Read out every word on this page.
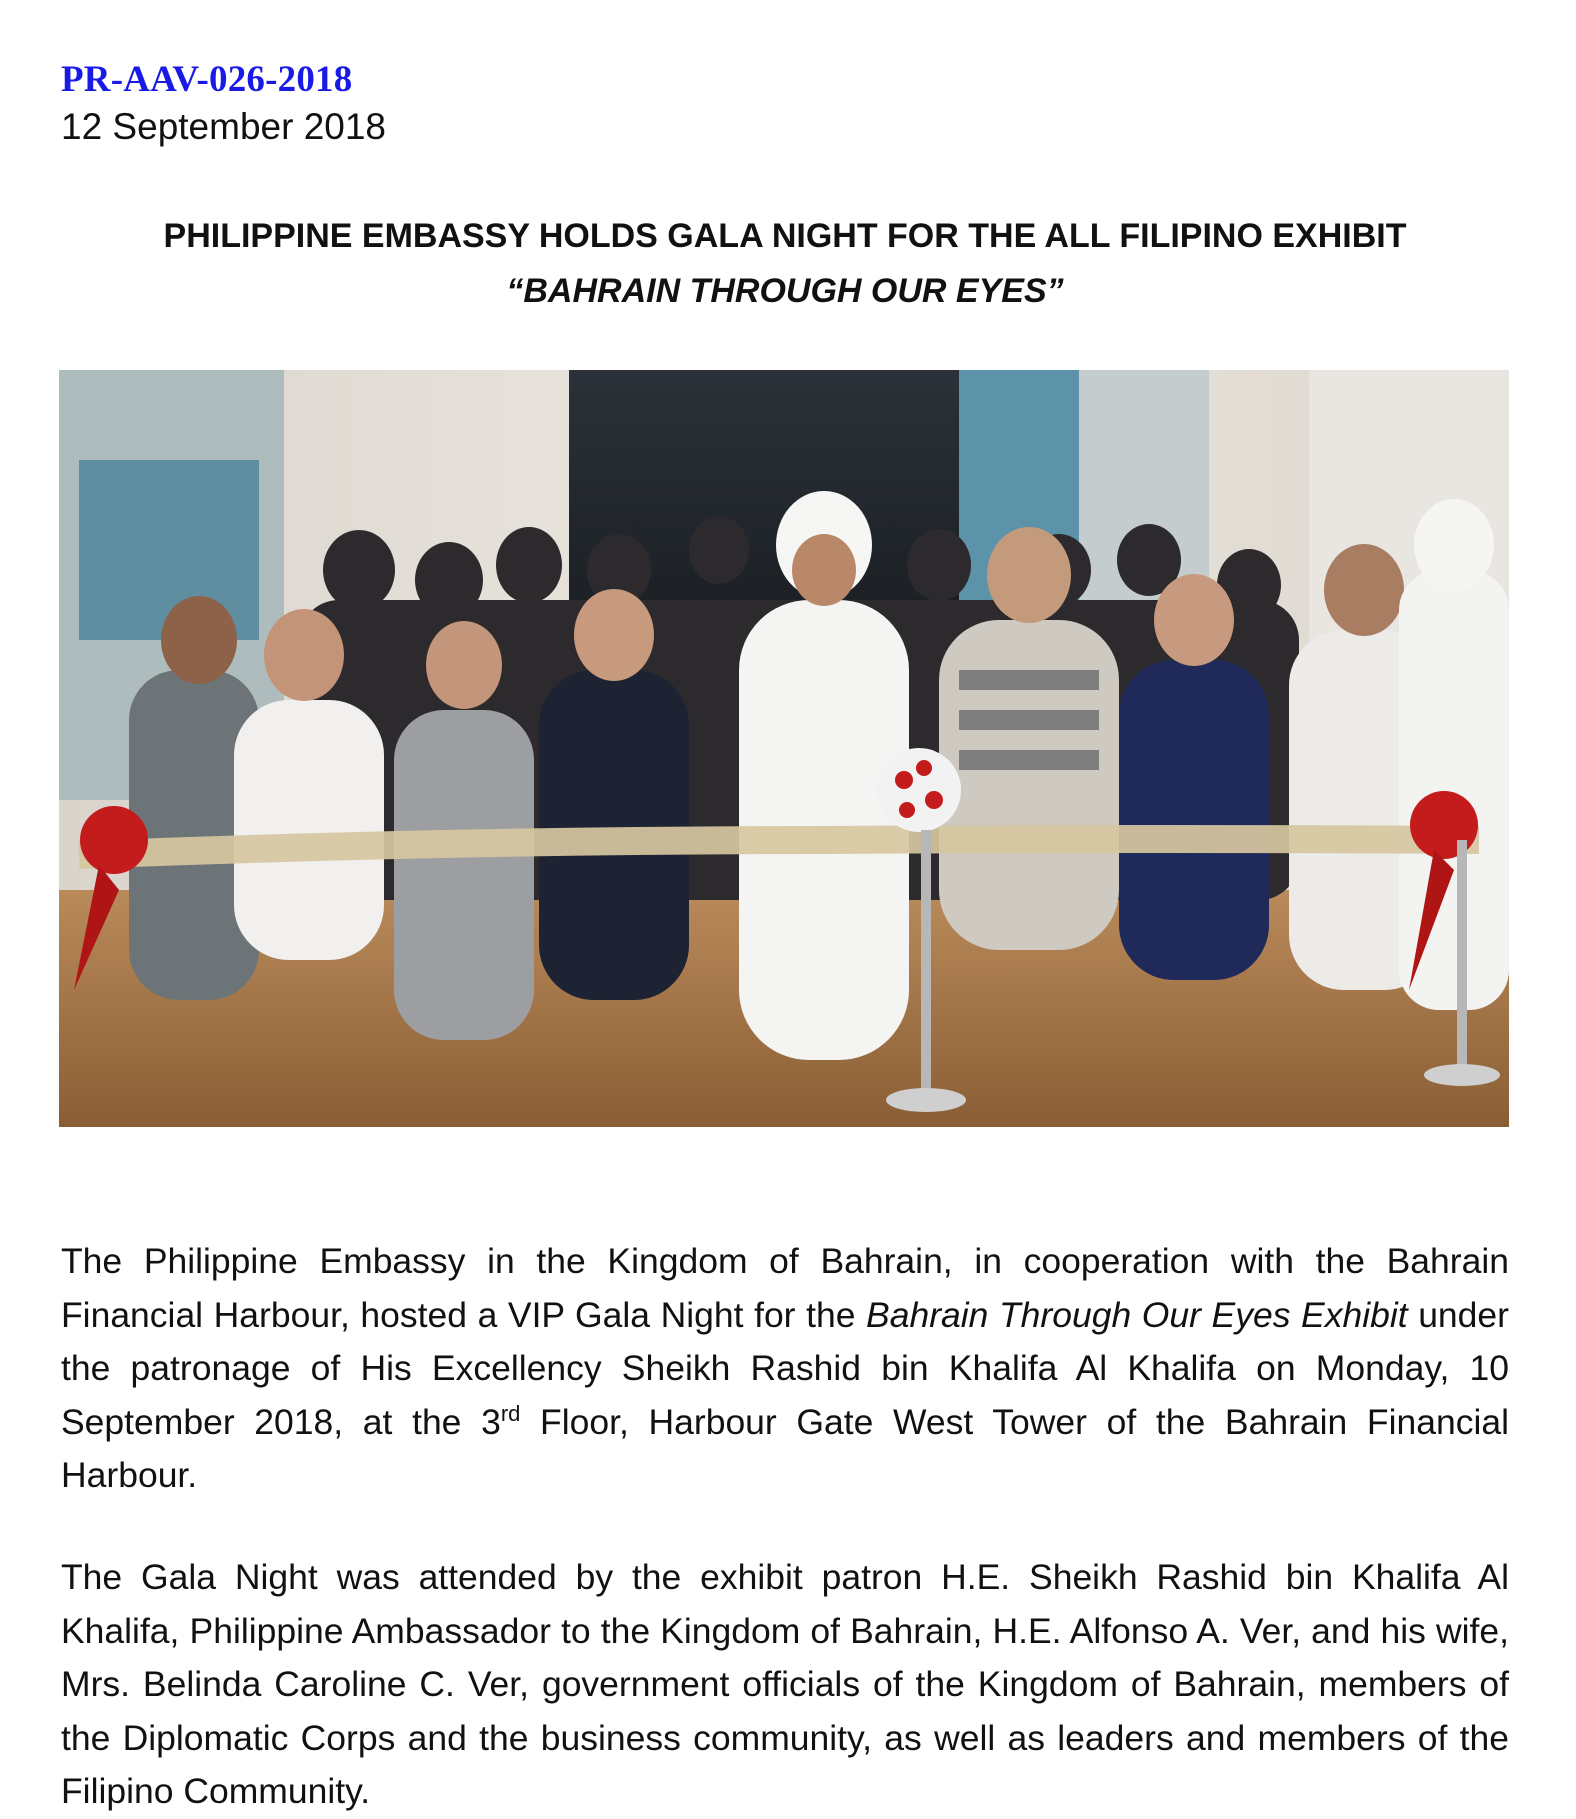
PR-AAV-026-2018
12 September 2018
PHILIPPINE EMBASSY HOLDS GALA NIGHT FOR THE ALL FILIPINO EXHIBIT
“BAHRAIN THROUGH OUR EYES”
The Philippine Embassy in the Kingdom of Bahrain, in cooperation with the Bahrain Financial Harbour, hosted a VIP Gala Night for the Bahrain Through Our Eyes Exhibit under the patronage of His Excellency Sheikh Rashid bin Khalifa Al Khalifa on Monday, 10 September 2018, at the 3rd Floor, Harbour Gate West Tower of the Bahrain Financial Harbour.
The Gala Night was attended by the exhibit patron H.E. Sheikh Rashid bin Khalifa Al Khalifa, Philippine Ambassador to the Kingdom of Bahrain, H.E. Alfonso A. Ver, and his wife, Mrs. Belinda Caroline C. Ver, government officials of the Kingdom of Bahrain, members of the Diplomatic Corps and the business community, as well as leaders and members of the Filipino Community.
